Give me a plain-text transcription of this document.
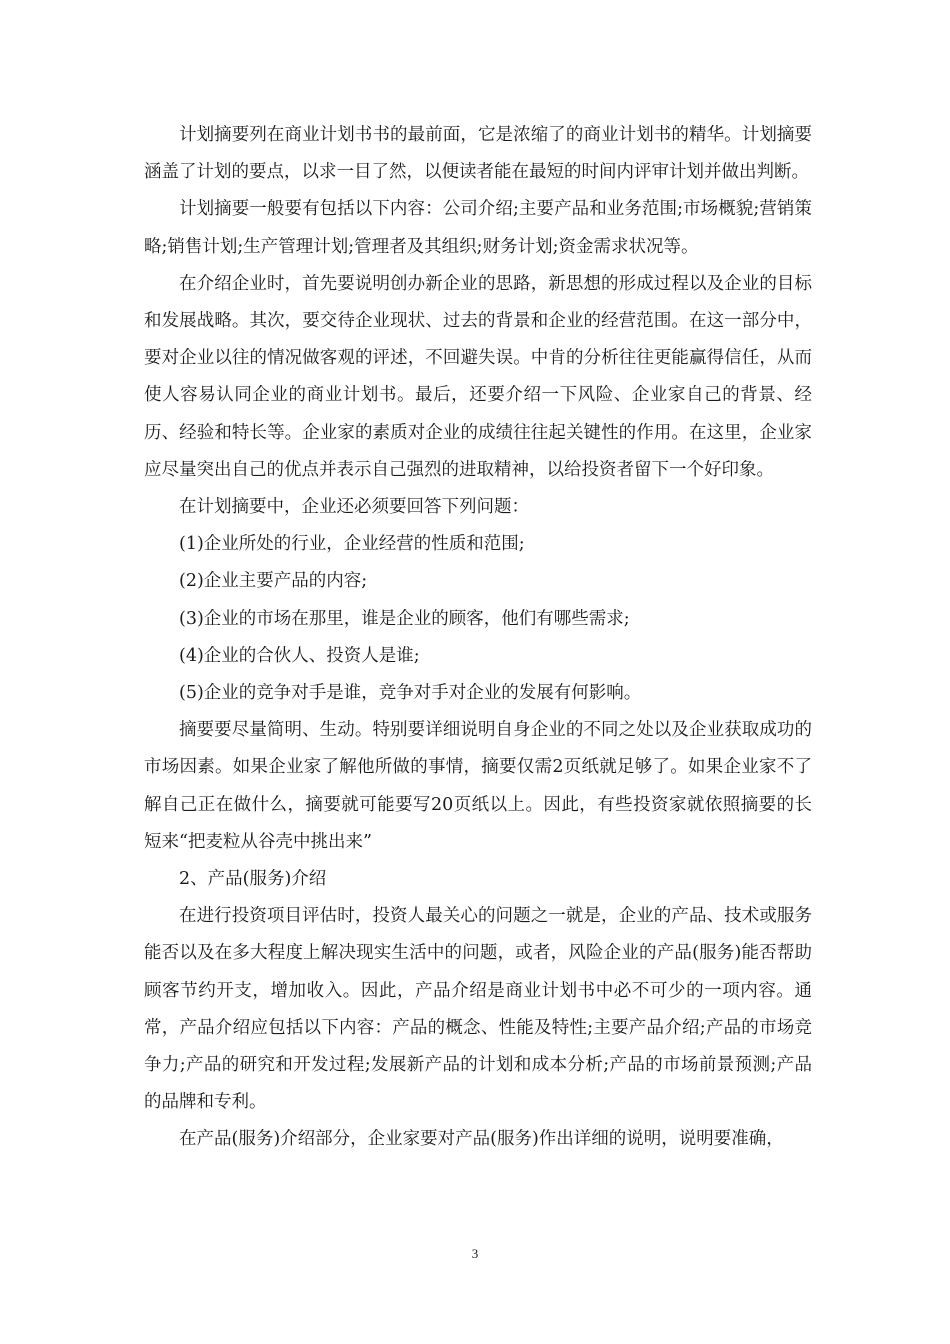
计划摘要列在商业计划书书的最前面，它是浓缩了的商业计划书的精华。计划摘要涵盖了计划的要点，以求一目了然，以便读者能在最短的时间内评审计划并做出判断。

计划摘要一般要有包括以下内容：公司介绍;主要产品和业务范围;市场概貌;营销策略;销售计划;生产管理计划;管理者及其组织;财务计划;资金需求状况等。

在介绍企业时，首先要说明创办新企业的思路，新思想的形成过程以及企业的目标和发展战略。其次，要交待企业现状、过去的背景和企业的经营范围。在这一部分中，要对企业以往的情况做客观的评述，不回避失误。中肯的分析往往更能赢得信任，从而使人容易认同企业的商业计划书。最后，还要介绍一下风险、企业家自己的背景、经历、经验和特长等。企业家的素质对企业的成绩往往起关键性的作用。在这里，企业家应尽量突出自己的优点并表示自己强烈的进取精神，以给投资者留下一个好印象。

在计划摘要中，企业还必须要回答下列问题：

(1)企业所处的行业，企业经营的性质和范围;

(2)企业主要产品的内容;

(3)企业的市场在那里，谁是企业的顾客，他们有哪些需求;

(4)企业的合伙人、投资人是谁;

(5)企业的竞争对手是谁，竞争对手对企业的发展有何影响。

摘要要尽量简明、生动。特别要详细说明自身企业的不同之处以及企业获取成功的市场因素。如果企业家了解他所做的事情，摘要仅需2页纸就足够了。如果企业家不了解自己正在做什么，摘要就可能要写20页纸以上。因此，有些投资家就依照摘要的长短来“把麦粒从谷壳中挑出来”

2、产品(服务)介绍

在进行投资项目评估时，投资人最关心的问题之一就是，企业的产品、技术或服务能否以及在多大程度上解决现实生活中的问题，或者，风险企业的产品(服务)能否帮助顾客节约开支，增加收入。因此，产品介绍是商业计划书中必不可少的一项内容。通常，产品介绍应包括以下内容：产品的概念、性能及特性;主要产品介绍;产品的市场竞争力;产品的研究和开发过程;发展新产品的计划和成本分析;产品的市场前景预测;产品的品牌和专利。

在产品(服务)介绍部分，企业家要对产品(服务)作出详细的说明，说明要准确，

3
